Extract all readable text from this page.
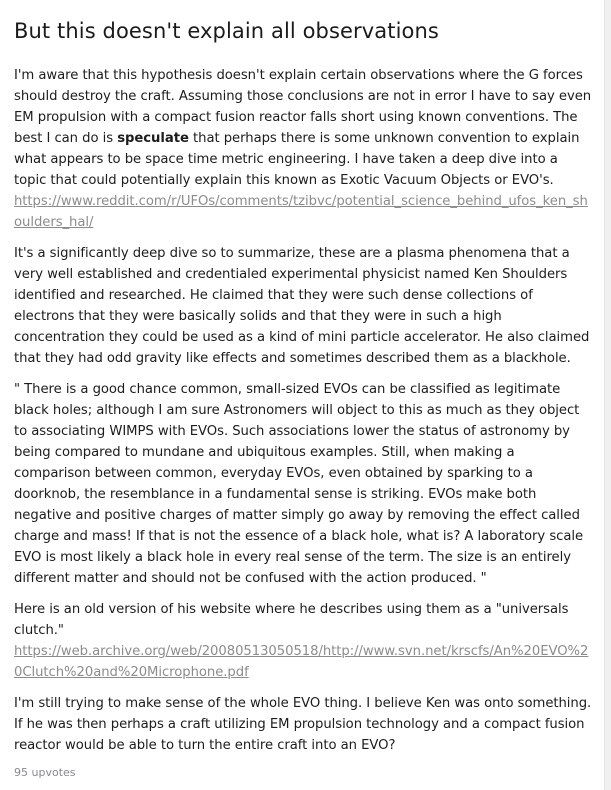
But this doesn't explain all observations

I'm aware that this hypothesis doesn't explain certain observations where the G forces should destroy the craft. Assuming those conclusions are not in error I have to say even EM propulsion with a compact fusion reactor falls short using known conventions. The best I can do is speculate that perhaps there is some unknown convention to explain what appears to be space time metric engineering. I have taken a deep dive into a topic that could potentially explain this known as Exotic Vacuum Objects or EVO's.
https://www.reddit.com/r/UFOs/comments/tzibvc/potential_science_behind_ufos_ken_shoulders_hal/

It's a significantly deep dive so to summarize, these are a plasma phenomena that a very well established and credentialed experimental physicist named Ken Shoulders identified and researched. He claimed that they were such dense collections of electrons that they were basically solids and that they were in such a high concentration they could be used as a kind of mini particle accelerator. He also claimed that they had odd gravity like effects and sometimes described them as a blackhole.

" There is a good chance common, small-sized EVOs can be classified as legitimate black holes; although I am sure Astronomers will object to this as much as they object to associating WIMPS with EVOs. Such associations lower the status of astronomy by being compared to mundane and ubiquitous examples. Still, when making a comparison between common, everyday EVOs, even obtained by sparking to a doorknob, the resemblance in a fundamental sense is striking. EVOs make both negative and positive charges of matter simply go away by removing the effect called charge and mass! If that is not the essence of a black hole, what is? A laboratory scale EVO is most likely a black hole in every real sense of the term. The size is an entirely different matter and should not be confused with the action produced. "

Here is an old version of his website where he describes using them as a "universals clutch."
https://web.archive.org/web/20080513050518/http://www.svn.net/krscfs/An%20EVO%20Clutch%20and%20Microphone.pdf

I'm still trying to make sense of the whole EVO thing. I believe Ken was onto something. If he was then perhaps a craft utilizing EM propulsion technology and a compact fusion reactor would be able to turn the entire craft into an EVO?

95 upvotes
